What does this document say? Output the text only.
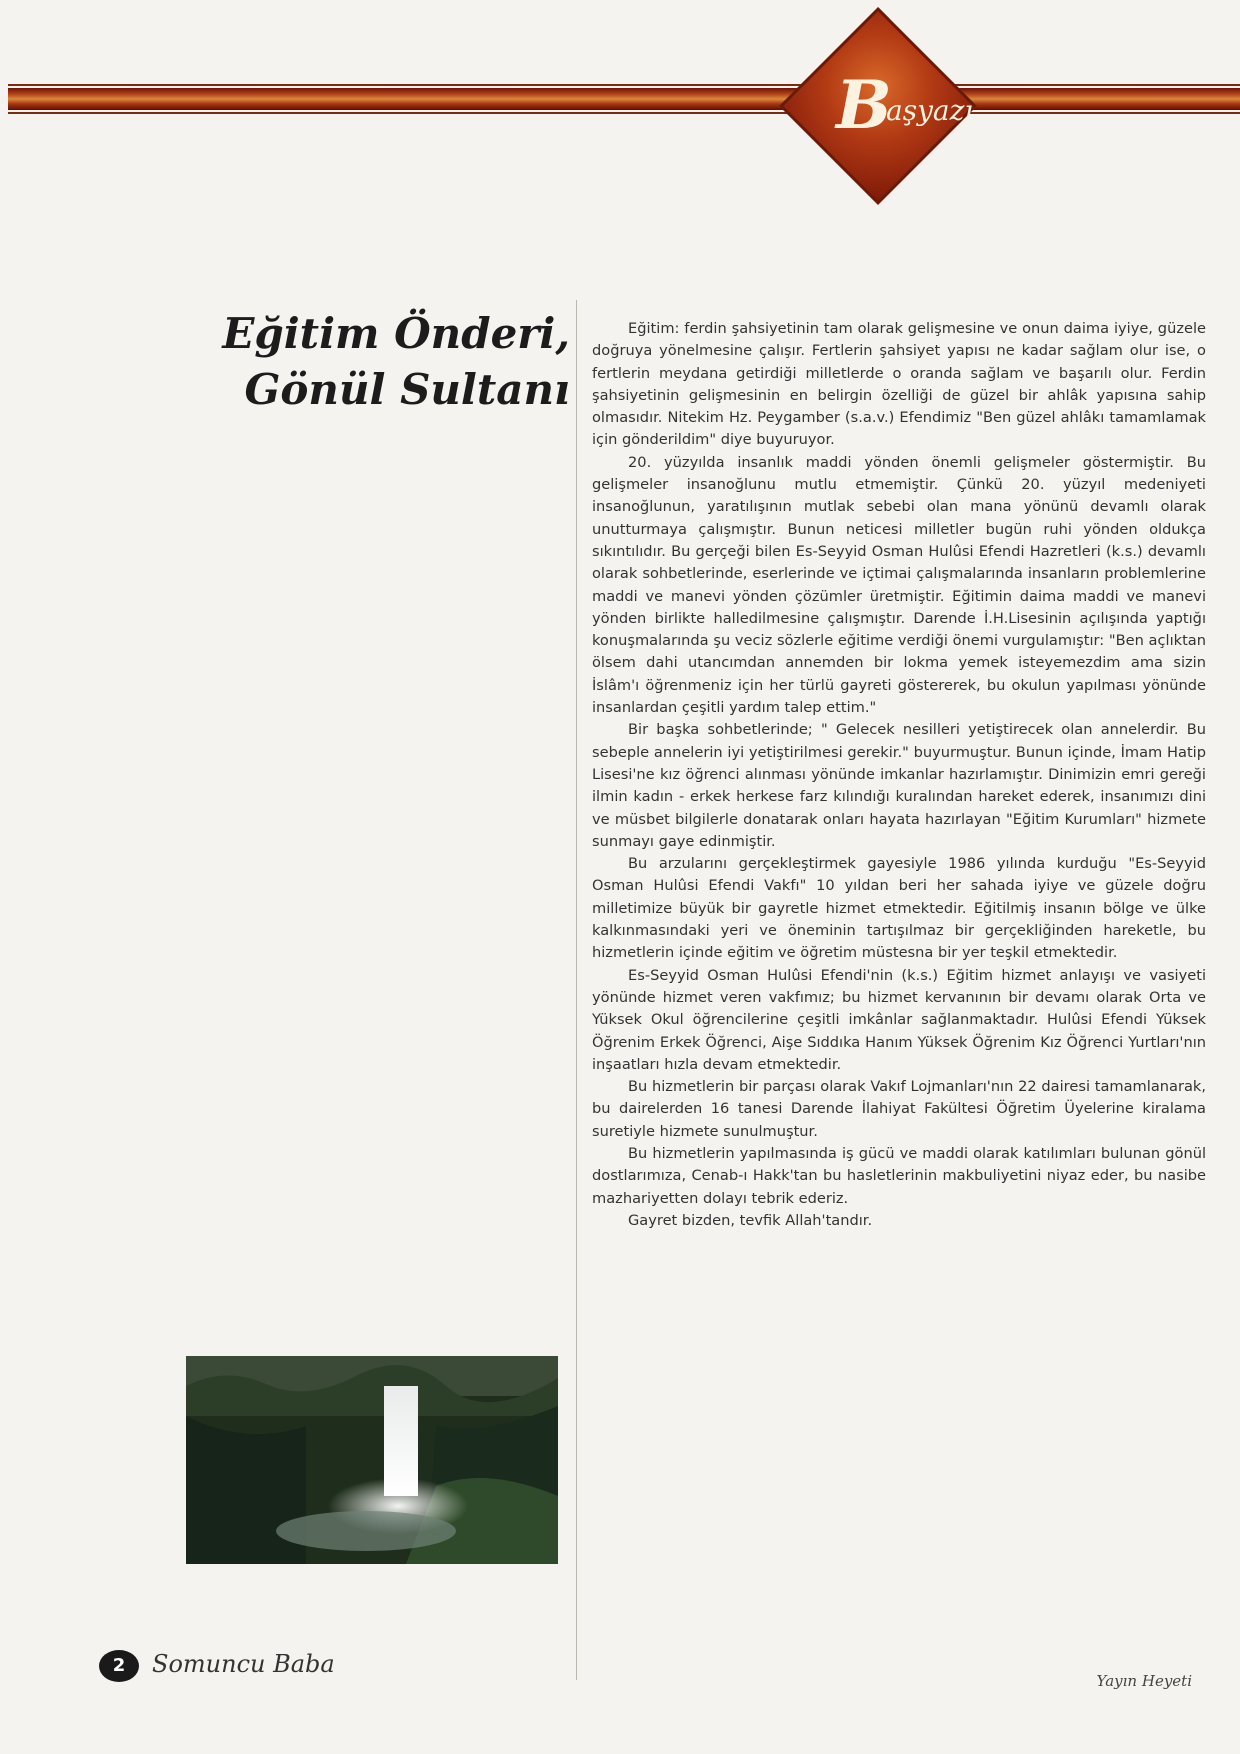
B
aşyazı
Eğitim Önderi,
Gönül Sultanı

Eğitim: ferdin şahsiyetinin tam olarak gelişmesine ve onun daima iyiye, güzele doğruya yönelmesine çalışır. Fertlerin şahsiyet yapısı ne kadar sağlam olur ise, o fertlerin meydana getirdiği milletlerde o oranda sağlam ve başarılı olur. Ferdin şahsiyetinin gelişmesinin en belirgin özelliği de güzel bir ahlâk yapısına sahip olmasıdır. Nitekim Hz. Peygamber (s.a.v.) Efendimiz "Ben güzel ahlâkı tamamlamak için gönderildim" diye buyuruyor.

20. yüzyılda insanlık maddi yönden önemli gelişmeler göstermiştir. Bu gelişmeler insanoğlunu mutlu etmemiştir. Çünkü 20. yüzyıl medeniyeti insanoğlunun, yaratılışının mutlak sebebi olan mana yönünü devamlı olarak unutturmaya çalışmıştır. Bunun neticesi milletler bugün ruhi yönden oldukça sıkıntılıdır. Bu gerçeği bilen Es-Seyyid Osman Hulûsi Efendi Hazretleri (k.s.) devamlı olarak sohbetlerinde, eserlerinde ve içtimai çalışmalarında insanların problemlerine maddi ve manevi yönden çözümler üretmiştir. Eğitimin daima maddi ve manevi yönden birlikte halledilmesine çalışmıştır. Darende İ.H.Lisesinin açılışında yaptığı konuşmalarında şu veciz sözlerle eğitime verdiği önemi vurgulamıştır: "Ben açlıktan ölsem dahi utancımdan annemden bir lokma yemek isteyemezdim ama sizin İslâm'ı öğrenmeniz için her türlü gayreti göstererek, bu okulun yapılması yönünde insanlardan çeşitli yardım talep ettim."

Bir başka sohbetlerinde; " Gelecek nesilleri yetiştirecek olan annelerdir. Bu sebeple annelerin iyi yetiştirilmesi gerekir." buyurmuştur. Bunun içinde, İmam Hatip Lisesi'ne kız öğrenci alınması yönünde imkanlar hazırlamıştır. Dinimizin emri gereği ilmin kadın - erkek herkese farz kılındığı kuralından hareket ederek, insanımızı dini ve müsbet bilgilerle donatarak onları hayata hazırlayan "Eğitim Kurumları" hizmete sunmayı gaye edinmiştir.

Bu arzularını gerçekleştirmek gayesiyle 1986 yılında kurduğu "Es-Seyyid Osman Hulûsi Efendi Vakfı" 10 yıldan beri her sahada iyiye ve güzele doğru milletimize büyük bir gayretle hizmet etmektedir. Eğitilmiş insanın bölge ve ülke kalkınmasındaki yeri ve öneminin tartışılmaz bir gerçekliğinden hareketle, bu hizmetlerin içinde eğitim ve öğretim müstesna bir yer teşkil etmektedir.

Es-Seyyid Osman Hulûsi Efendi'nin (k.s.) Eğitim hizmet anlayışı ve vasiyeti yönünde hizmet veren vakfımız; bu hizmet kervanının bir devamı olarak Orta ve Yüksek Okul öğrencilerine çeşitli imkânlar sağlanmaktadır. Hulûsi Efendi Yüksek Öğrenim Erkek Öğrenci, Aişe Sıddıka Hanım Yüksek Öğrenim Kız Öğrenci Yurtları'nın inşaatları hızla devam etmektedir.

Bu hizmetlerin bir parçası olarak Vakıf Lojmanları'nın 22 dairesi tamamlanarak, bu dairelerden 16 tanesi Darende İlahiyat Fakültesi Öğretim Üyelerine kiralama suretiyle hizmete sunulmuştur.

Bu hizmetlerin yapılmasında iş gücü ve maddi olarak katılımları bulunan gönül dostlarımıza, Cenab-ı Hakk'tan bu hasletlerinin makbuliyetini niyaz eder, bu nasibe mazhariyetten dolayı tebrik ederiz.

Gayret bizden, tevfik Allah'tandır.

Yayın Heyeti
2	Somuncu Baba
